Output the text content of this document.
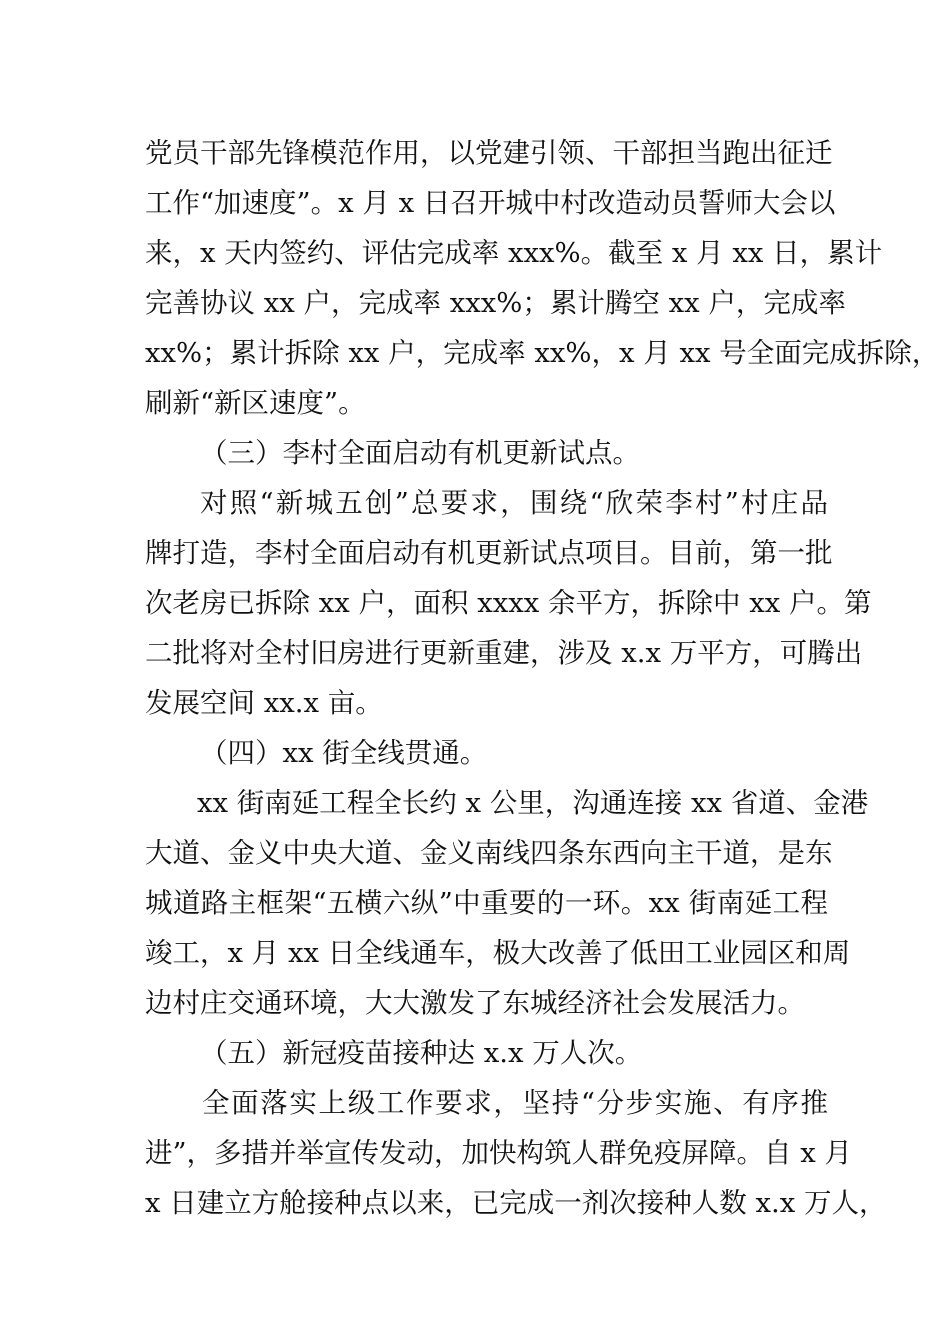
党员干部先锋模范作用，以党建引领、干部担当跑出征迁
工作“加速度”。x 月 x 日召开城中村改造动员誓师大会以
来，x 天内签约、评估完成率 xxx%。截至 x 月 xx 日，累计
完善协议 xx 户，完成率 xxx%；累计腾空 xx 户，完成率
xx%；累计拆除 xx 户，完成率 xx%，x 月 xx 号全面完成拆除，
刷新“新区速度”。
（三）李村全面启动有机更新试点。
对照“新城五创”总要求，围绕“欣荣李村”村庄品
牌打造，李村全面启动有机更新试点项目。目前，第一批
次老房已拆除 xx 户，面积 xxxx 余平方，拆除中 xx 户。第
二批将对全村旧房进行更新重建，涉及 x.x 万平方，可腾出
发展空间 xx.x 亩。
（四）xx 街全线贯通。
xx 街南延工程全长约 x 公里，沟通连接 xx 省道、金港
大道、金义中央大道、金义南线四条东西向主干道，是东
城道路主框架“五横六纵”中重要的一环。xx 街南延工程
竣工，x 月 xx 日全线通车，极大改善了低田工业园区和周
边村庄交通环境，大大激发了东城经济社会发展活力。
（五）新冠疫苗接种达 x.x 万人次。
全面落实上级工作要求，坚持“分步实施、有序推
进”，多措并举宣传发动，加快构筑人群免疫屏障。自 x 月
x 日建立方舱接种点以来，已完成一剂次接种人数 x.x 万人，
